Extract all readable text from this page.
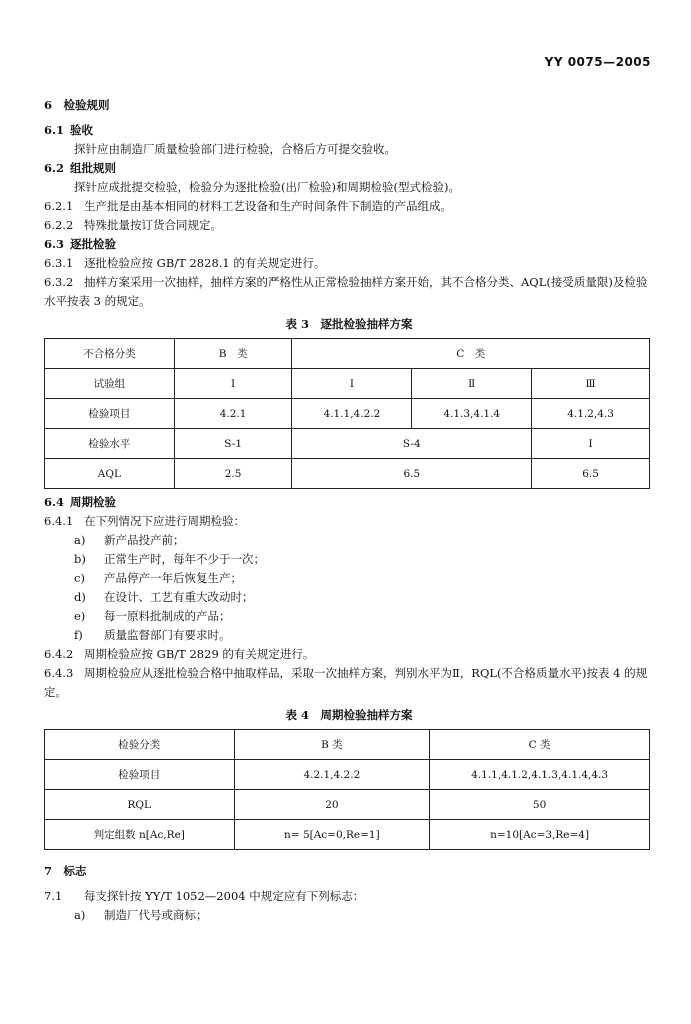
YY 0075—2005
6　检验规则
6.1 验收
探针应由制造厂质量检验部门进行检验，合格后方可提交验收。
6.2 组批规则
探针应成批提交检验，检验分为逐批检验(出厂检验)和周期检验(型式检验)。
6.2.1 生产批是由基本相同的材料工艺设备和生产时间条件下制造的产品组成。
6.2.2 特殊批量按订货合同规定。
6.3 逐批检验
6.3.1 逐批检验应按 GB/T 2828.1 的有关规定进行。
6.3.2 抽样方案采用一次抽样，抽样方案的严格性从正常检验抽样方案开始，其不合格分类、AQL(接受质量限)及检验水平按表 3 的规定。
表 3　逐批检验抽样方案
不合格分类	B　类	C　类		
试验组	Ⅰ	Ⅰ	Ⅱ	Ⅲ
检验项目	4.2.1	4.1.1,4.2.2	4.1.3,4.1.4	4.1.2,4.3
检验水平	S-1	S-4		Ⅰ
AQL	2.5	6.5		6.5
6.4 周期检验
6.4.1 在下列情况下应进行周期检验：
a) 新产品投产前；
b) 正常生产时，每年不少于一次；
c) 产品停产一年后恢复生产；
d) 在设计、工艺有重大改动时；
e) 每一原料批制成的产品；
f) 质量监督部门有要求时。
6.4.2 周期检验应按 GB/T 2829 的有关规定进行。
6.4.3 周期检验应从逐批检验合格中抽取样品，采取一次抽样方案，判别水平为Ⅱ，RQL(不合格质量水平)按表 4 的规定。
表 4　周期检验抽样方案
检验分类	B 类	C 类
检验项目	4.2.1,4.2.2	4.1.1,4.1.2,4.1.3,4.1.4,4.3
RQL	20	50
判定组数 n[Ac,Re]	n= 5[Ac=0,Re=1]	n=10[Ac=3,Re=4]
7　标志
7.1 每支探针按 YY/T 1052—2004 中规定应有下列标志：
a) 制造厂代号或商标；
